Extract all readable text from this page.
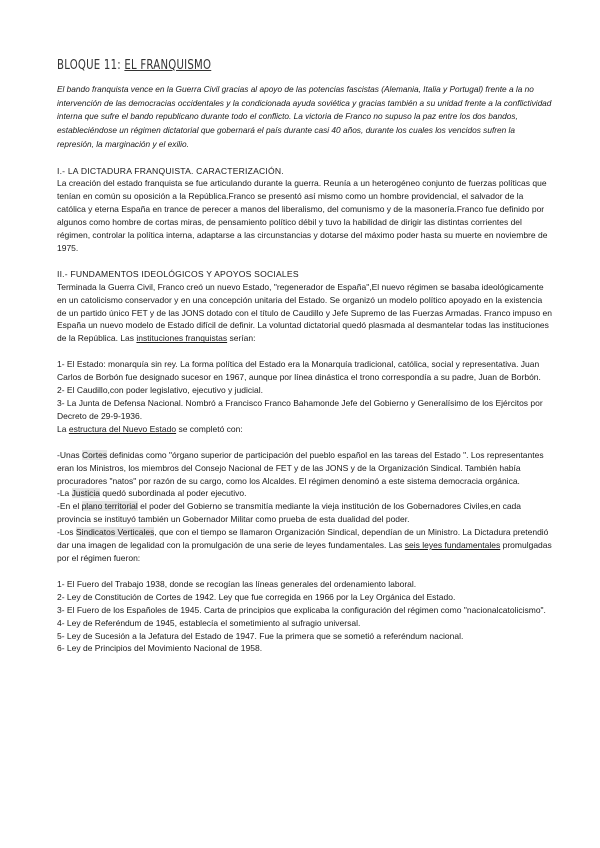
BLOQUE 11: EL FRANQUISMO

El bando franquista vence en la Guerra Civil gracias al apoyo de las potencias fascistas (Alemania, Italia y Portugal) frente a la no intervención de las democracias occidentales y la condicionada ayuda soviética y gracias también a su unidad frente a la conflictividad interna que sufre el bando republicano durante todo el conflicto. La victoria de Franco no supuso la paz entre los dos bandos, estableciéndose un régimen dictatorial que gobernará el país durante casi 40 años, durante los cuales los vencidos sufren la represión, la marginación y el exilio.

I.- LA DICTADURA FRANQUISTA. CARACTERIZACIÓN.

La creación del estado franquista se fue articulando durante la guerra. Reunía a un heterogéneo conjunto de fuerzas políticas que tenían en común su oposición a la República.Franco se presentó así mismo como un hombre providencial, el salvador de la católica y eterna España en trance de perecer a manos del liberalismo, del comunismo y de la masonería.Franco fue definido por algunos como hombre de cortas miras, de pensamiento político débil y tuvo la habilidad de dirigir las distintas corrientes del régimen, controlar la política interna, adaptarse a las circunstancias y dotarse del máximo poder hasta su muerte en noviembre de 1975.

II.- FUNDAMENTOS IDEOLÓGICOS Y APOYOS SOCIALES

Terminada la Guerra Civil, Franco creó un nuevo Estado, "regenerador de España",El nuevo régimen se basaba ideológicamente en un catolicismo conservador y en una concepción unitaria del Estado. Se organizó un modelo político apoyado en la existencia de un partido único FET y de las JONS dotado con el título de Caudillo y Jefe Supremo de las Fuerzas Armadas. Franco impuso en España un nuevo modelo de Estado difícil de definir. La voluntad dictatorial quedó plasmada al desmantelar todas las instituciones de la República. Las instituciones franquistas serían:

1- El Estado: monarquía sin rey. La forma política del Estado era la Monarquía tradicional, católica, social y representativa. Juan Carlos de Borbón fue designado sucesor en 1967, aunque por línea dinástica el trono correspondía a su padre, Juan de Borbón.

2- El Caudillo,con poder legislativo, ejecutivo y judicial.

3- La Junta de Defensa Nacional. Nombró a Francisco Franco Bahamonde Jefe del Gobierno y Generalísimo de los Ejércitos por Decreto de 29-9-1936.

La estructura del Nuevo Estado se completó con:

-Unas Cortes definidas como "órgano superior de participación del pueblo español en las tareas del Estado ". Los representantes eran los Ministros, los miembros del Consejo Nacional de FET y de las JONS y de la Organización Sindical. También había procuradores "natos" por razón de su cargo, como los Alcaldes. El régimen denominó a este sistema democracia orgánica.

-La Justicia quedó subordinada al poder ejecutivo.

-En el plano territorial el poder del Gobierno se transmitía mediante la vieja institución de los Gobernadores Civiles,en cada provincia se instituyó también un Gobernador Militar como prueba de esta dualidad del poder.

-Los Sindicatos Verticales, que con el tiempo se llamaron Organización Sindical, dependían de un Ministro. La Dictadura pretendió dar una imagen de legalidad con la promulgación de una serie de leyes fundamentales. Las seis leyes fundamentales promulgadas por el régimen fueron:

1- El Fuero del Trabajo 1938, donde se recogían las líneas generales del ordenamiento laboral.

2- Ley de Constitución de Cortes de 1942. Ley que fue corregida en 1966 por la Ley Orgánica del Estado.

3- El Fuero de los Españoles de 1945. Carta de principios que explicaba la configuración del régimen como "nacionalcatolicismo".

4- Ley de Referéndum de 1945, establecía el sometimiento al sufragio universal.

5- Ley de Sucesión a la Jefatura del Estado de 1947. Fue la primera que se sometió a referéndum nacional.

6- Ley de Principios del Movimiento Nacional de 1958.
